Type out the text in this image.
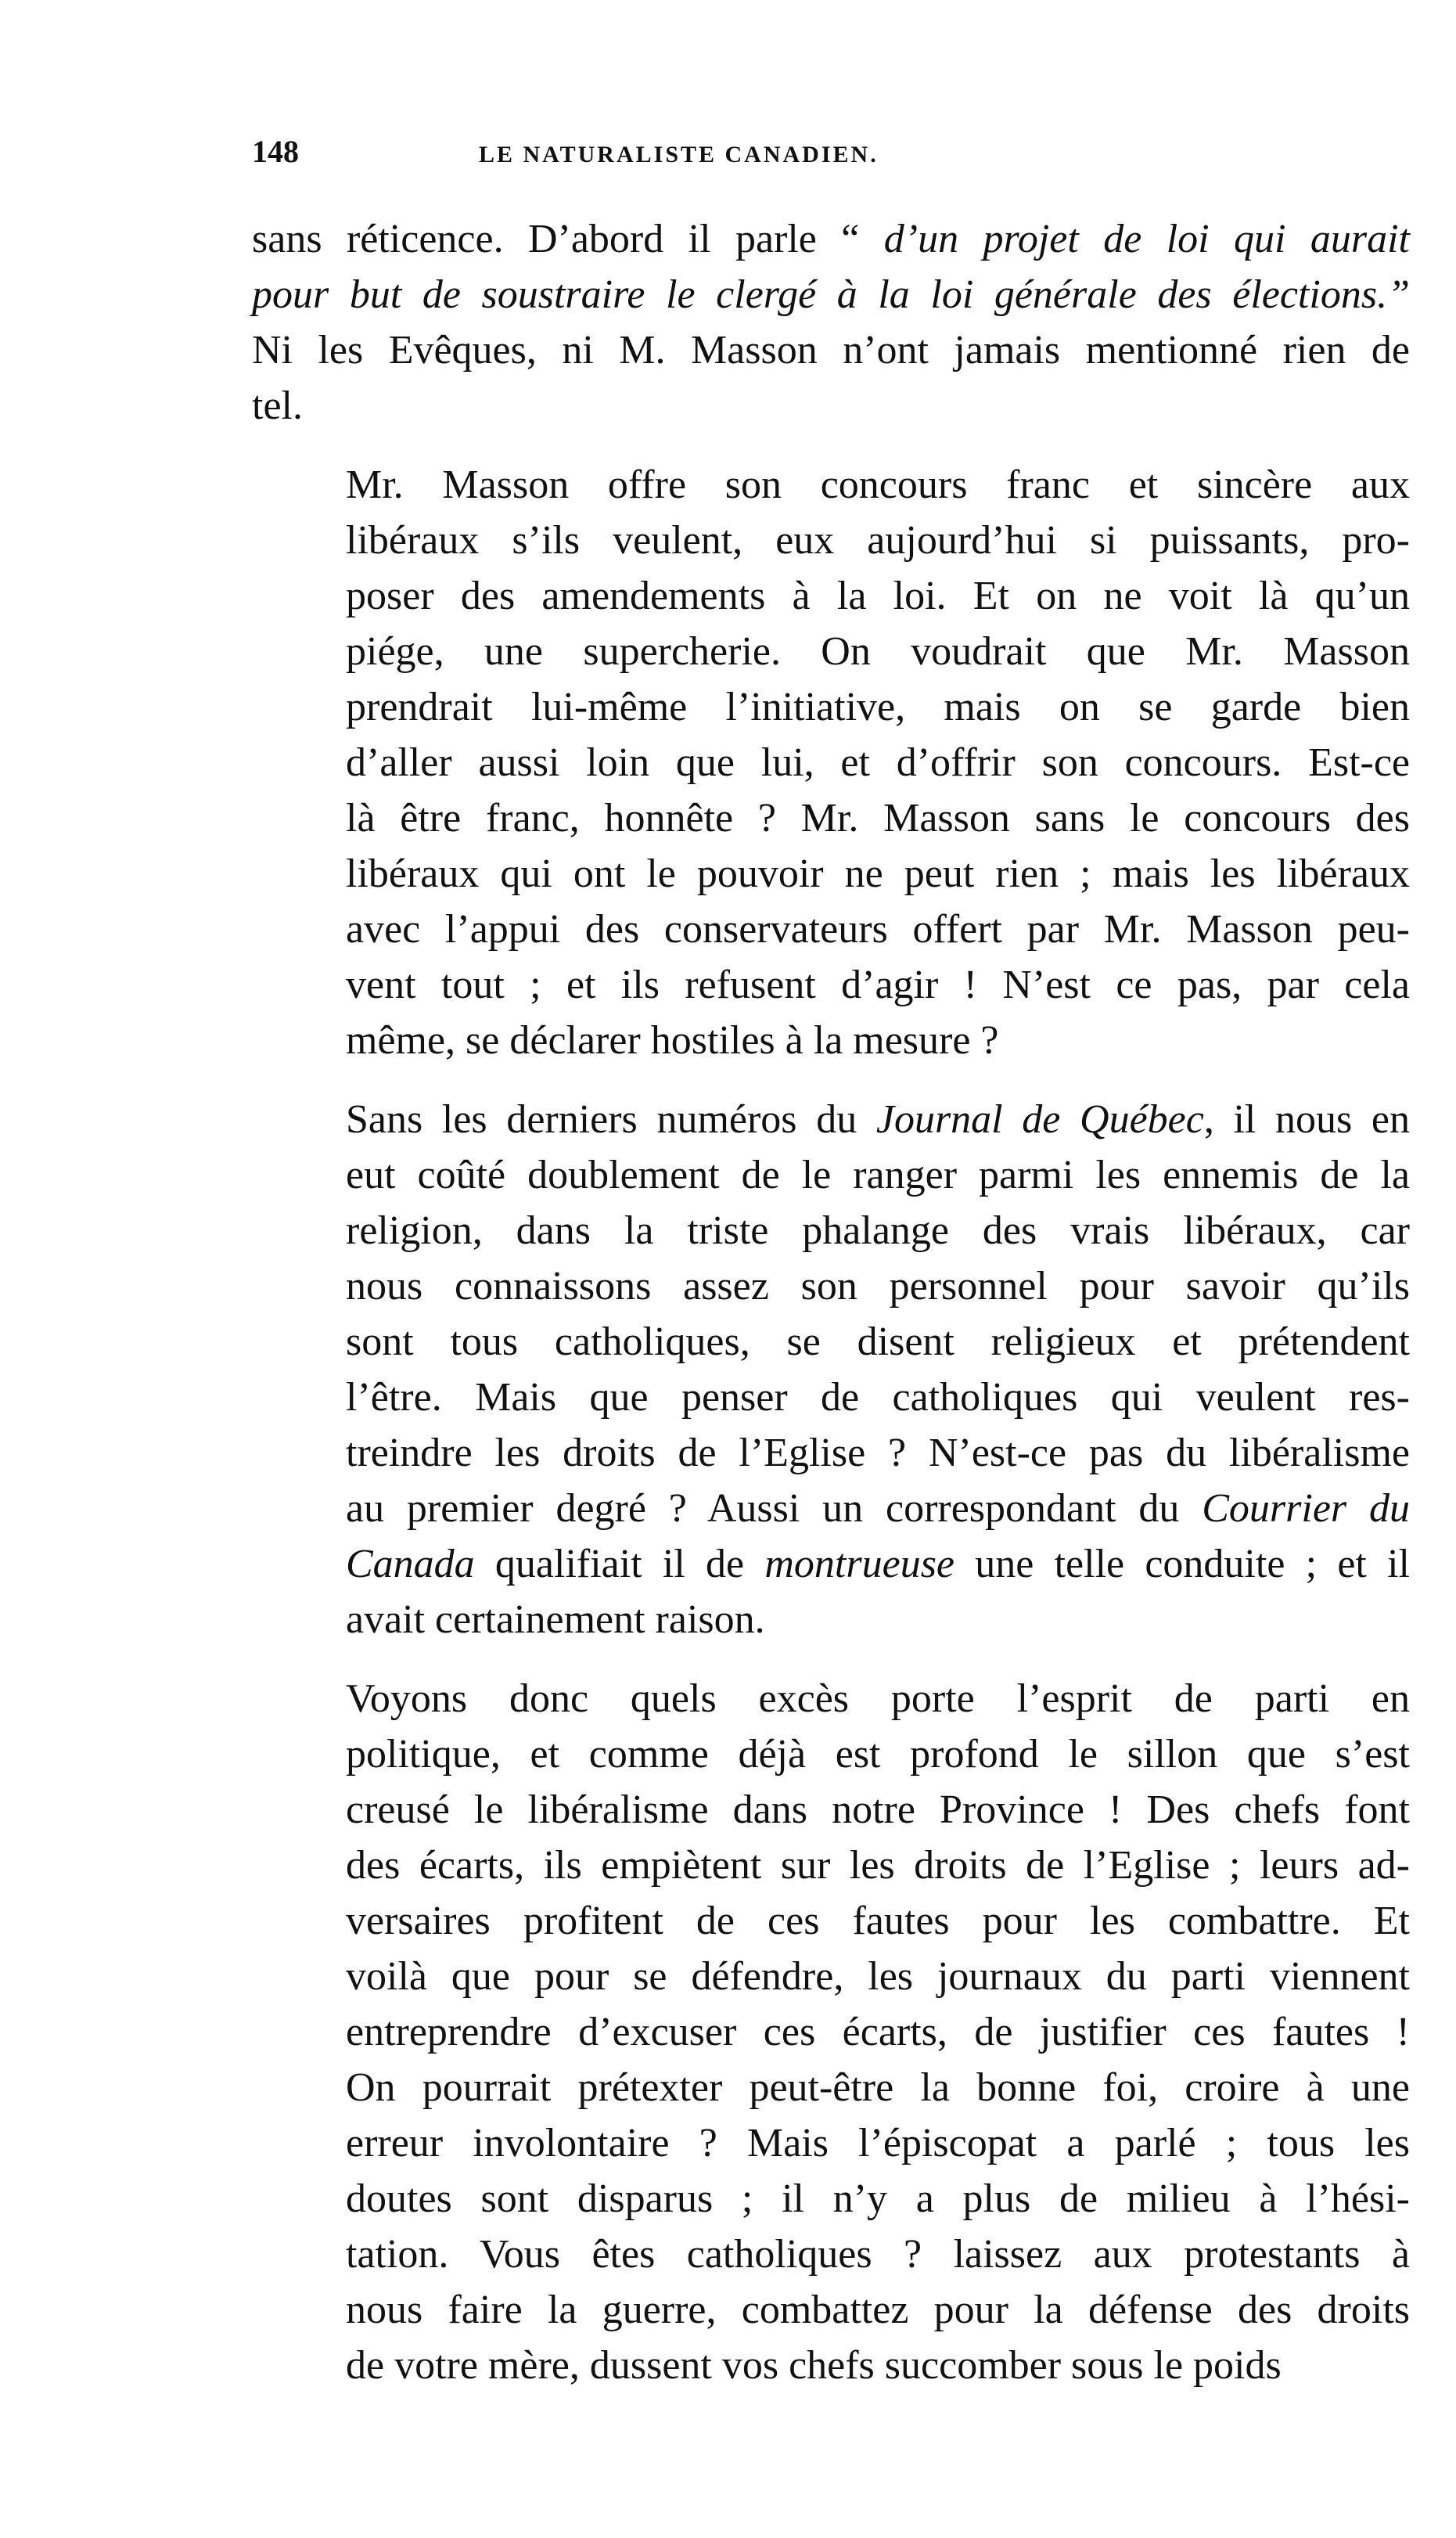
148	LE NATURALISTE CANADIEN.

sans réticence. D’abord il parle “ d’un projet de loi qui aurait
pour but de soustraire le clergé à la loi générale des élections.”
Ni les Evêques, ni M. Masson n’ont jamais mentionné rien de
tel.

Mr. Masson offre son concours franc et sincère aux
libéraux s’ils veulent, eux aujourd’hui si puissants, pro-
poser des amendements à la loi. Et on ne voit là qu’un
piége, une supercherie. On voudrait que Mr. Masson
prendrait lui-même l’initiative, mais on se garde bien
d’aller aussi loin que lui, et d’offrir son concours. Est-ce
là être franc, honnête ? Mr. Masson sans le concours des
libéraux qui ont le pouvoir ne peut rien ; mais les libéraux
avec l’appui des conservateurs offert par Mr. Masson peu-
vent tout ; et ils refusent d’agir ! N’est ce pas, par cela
même, se déclarer hostiles à la mesure ?

Sans les derniers numéros du Journal de Québec, il nous en
eut coûté doublement de le ranger parmi les ennemis de la
religion, dans la triste phalange des vrais libéraux, car
nous connaissons assez son personnel pour savoir qu’ils
sont tous catholiques, se disent religieux et prétendent
l’être. Mais que penser de catholiques qui veulent res-
treindre les droits de l’Eglise ? N’est-ce pas du libéralisme
au premier degré ? Aussi un correspondant du Courrier du
Canada qualifiait il de montrueuse une telle conduite ; et il
avait certainement raison.

Voyons donc quels excès porte l’esprit de parti en
politique, et comme déjà est profond le sillon que s’est
creusé le libéralisme dans notre Province ! Des chefs font
des écarts, ils empiètent sur les droits de l’Eglise ; leurs ad-
versaires profitent de ces fautes pour les combattre. Et
voilà que pour se défendre, les journaux du parti viennent
entreprendre d’excuser ces écarts, de justifier ces fautes !
On pourrait prétexter peut-être la bonne foi, croire à une
erreur involontaire ? Mais l’épiscopat a parlé ; tous les
doutes sont disparus ; il n’y a plus de milieu à l’hési-
tation. Vous êtes catholiques ? laissez aux protestants à
nous faire la guerre, combattez pour la défense des droits
de votre mère, dussent vos chefs succomber sous le poids
